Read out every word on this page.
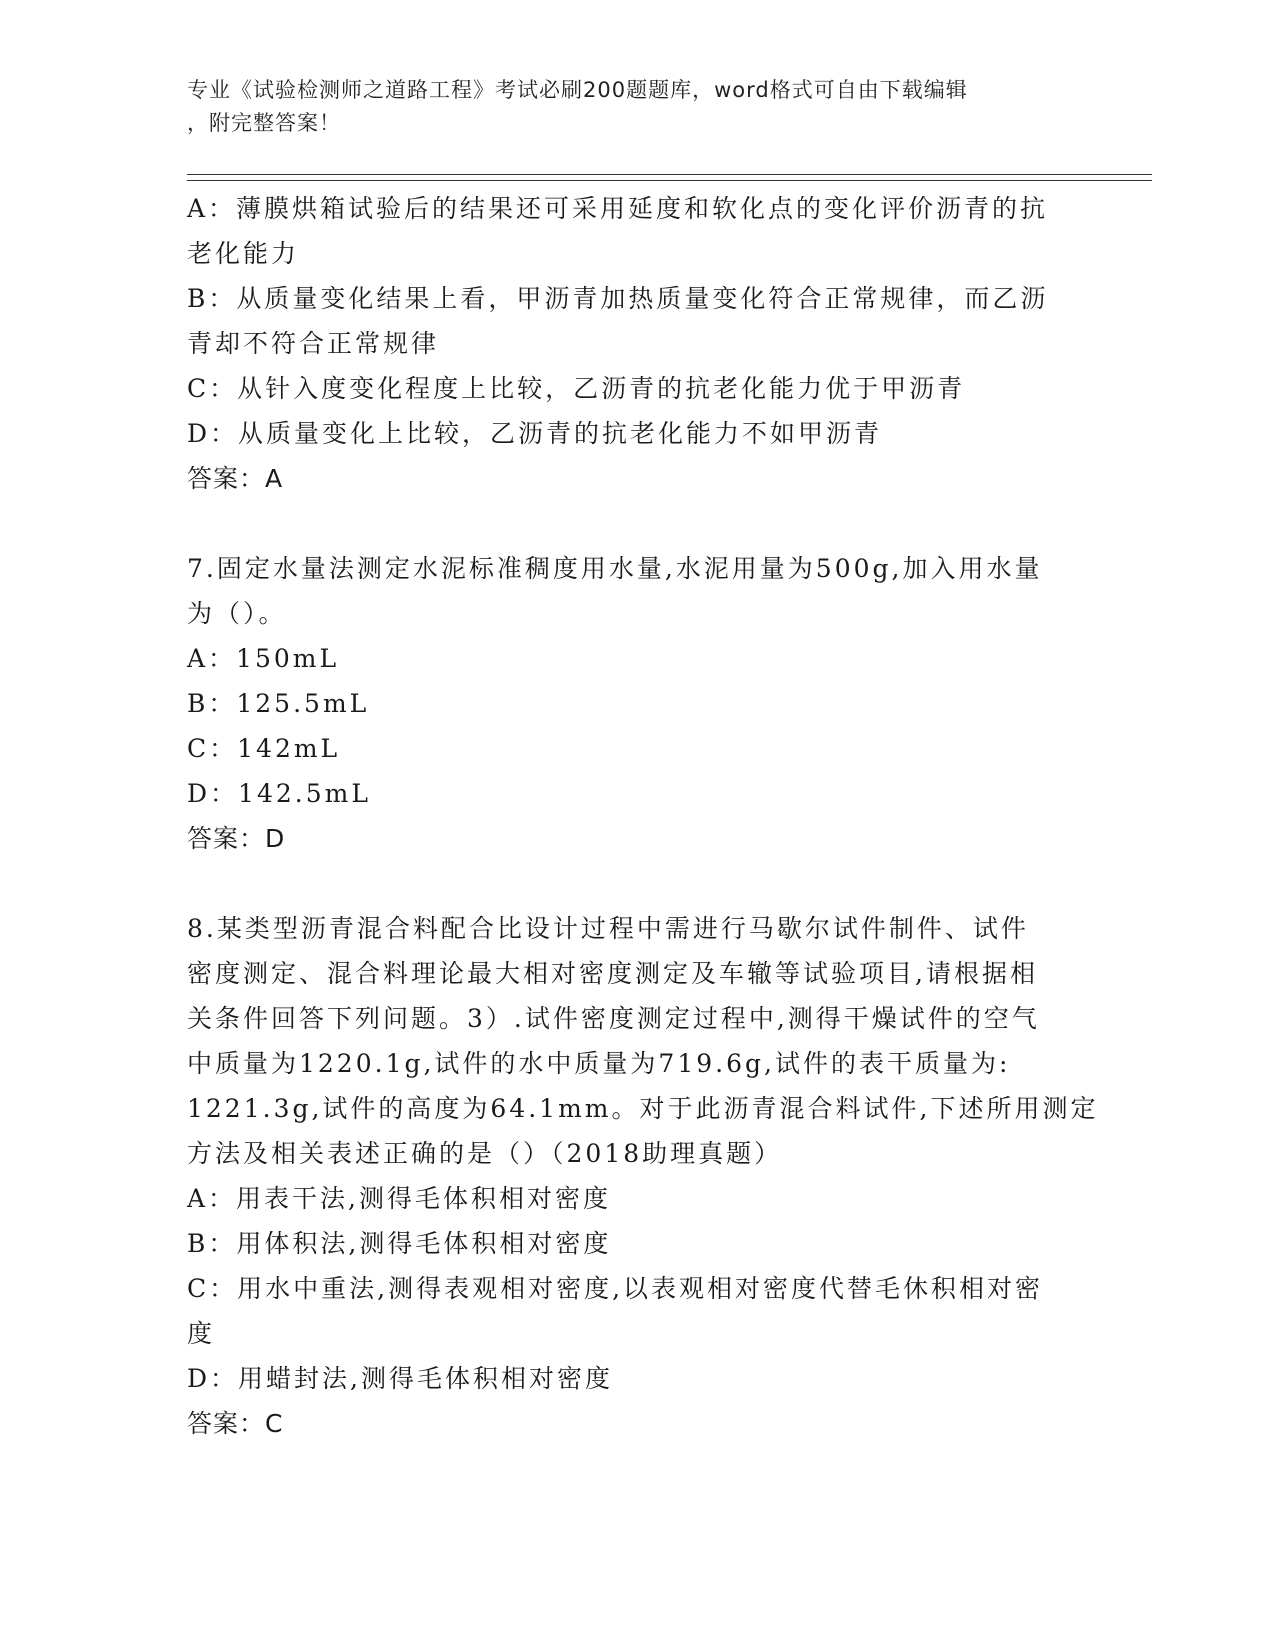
专业《试验检测师之道路工程》考试必刷200题题库，word格式可自由下载编辑
，附完整答案！

A：薄膜烘箱试验后的结果还可采用延度和软化点的变化评价沥青的抗

老化能力

B：从质量变化结果上看，甲沥青加热质量变化符合正常规律，而乙沥

青却不符合正常规律

C：从针入度变化程度上比较，乙沥青的抗老化能力优于甲沥青

D：从质量变化上比较，乙沥青的抗老化能力不如甲沥青

答案：A

7.固定水量法测定水泥标准稠度用水量,水泥用量为500g,加入用水量

为（）。

A：150mL

B：125.5mL

C：142mL

D：142.5mL

答案：D

8.某类型沥青混合料配合比设计过程中需进行马歇尔试件制件、试件

密度测定、混合料理论最大相对密度测定及车辙等试验项目,请根据相

关条件回答下列问题。3）.试件密度测定过程中,测得干燥试件的空气

中质量为1220.1g,试件的水中质量为719.6g,试件的表干质量为:

1221.3g,试件的高度为64.1mm。对于此沥青混合料试件,下述所用测定

方法及相关表述正确的是（）（2018助理真题）

A：用表干法,测得毛体积相对密度

B：用体积法,测得毛体积相对密度

C：用水中重法,测得表观相对密度,以表观相对密度代替毛休积相对密

度

D：用蜡封法,测得毛体积相对密度

答案：C
